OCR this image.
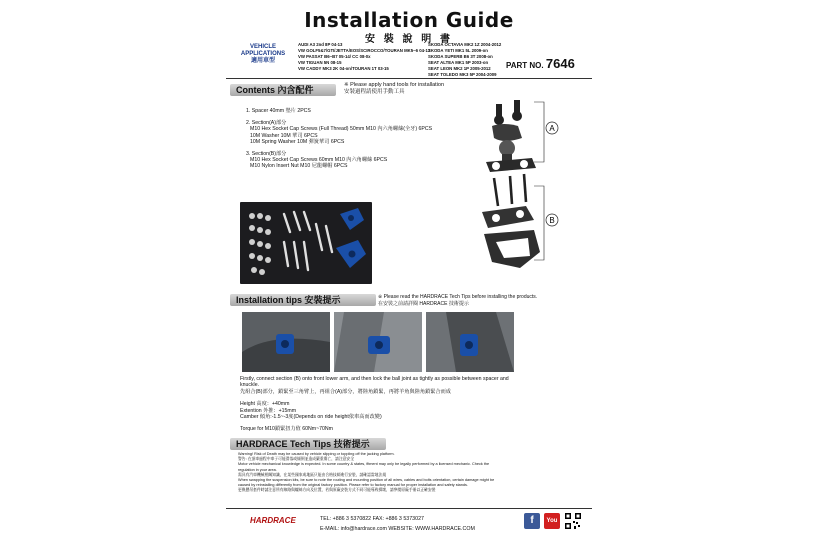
Installation Guide
安 裝 說 明 書
VEHICLE APPLICATIONS
適用車型
AUDI A3 2nd 8P 04-13
VW GOLF5&7/GTI/JETTA/EOS/SCIROCCO/TOURAN MK5~6 04-13
VW PASSAT B6~B7 05-14/ CC 08-0x
VW TIGUAN 5N 08-15
VW CADDY MK3 2K 04-on/TOURAN 1T 03-15
SKODA OCTAVIA MK2 1Z 2004-2012
SKODA YETI MK1 5L 2009-on
SKODA SUPERB B6 3T 2008-on
SEAT ALTEA MK1 5P 2003-on
SEAT LEON MK2 1P 2005-2012
SEAT TOLEDO MK3 5P 2004-2009
PART NO. 7646
Contents 內含配件	※ Please apply hand tools for installation
安裝過程請使用手動工具
1. Spacer 40mm 墊片 2PCS
2. Section(A)部分
M10 Hex Socket Cap Screws (Full Thread) 50mm M10 內六角螺絲(全牙) 6PCS
10M Washer 10M 華司 6PCS
10M Spring Washer 10M 彈簧華司 6PCS
3. Section(B)部分
M10 Hex Socket Cap Screws 60mm M10 內六角螺絲 6PCS
M10 Nylon Insert Nut M10 尼龍螺帽 6PCS
A
B
Installation tips 安裝提示	※ Please read the HARDRACE Tech Tips before installing the products.
在安裝之前請詳閱 HARDRACE 技術提示
Firstly, connect section (B) onto front lower arm, and then lock the ball joint as tightly as possible between spacer and
knuckle.
先組合(B)部分，鎖緊至三角臂上，再組合(A)部分，將陸角鎖緊，再將羊角與陸角鎖緊合而成
Height 高度：+40mm
Extention 外推：+15mm
Camber 傾角:-1.5~-3度(Depends on ride height依車高而改變)
Torque for M10鎖緊扭力值 60Nm~70Nm
HARDRACE Tech Tips 技術提示
Warning! Risk of Death may be caused by vehicle slipping or toppling off the jacking platform.
警告: 在頂車過程中車子可能滑落或傾倒並造成嚴重傷亡，請注意安全
Motor vehicle mechanical knowledge is expected. In some country & states, fitment may only be legally performed by a licensed mechanic. Check the
regulation in your area.
需具有汽車機械相關知識，在某些國家或地區只能由合格技師進行安裝，請確認當地法規
When swapping the suspension kits, be sure to note the routing and mounting position of all wires, cables and bolts orientation, certain damage might be
caused by reinstalling differently from the original factory position. Please refer to factory manual for proper installation and safety stands.
更換懸吊套件時請注意所有線路與螺絲方向及位置，若與原廠安裝方式不同可能導致損壞，請參閱原廠手冊以正確安裝
HARDRACE	TEL: +886 3 5370822 FAX: +886 3 5373027
E-MAIL: info@hardrace.com WEBSITE: WWW.HARDRACE.COM
f	You
